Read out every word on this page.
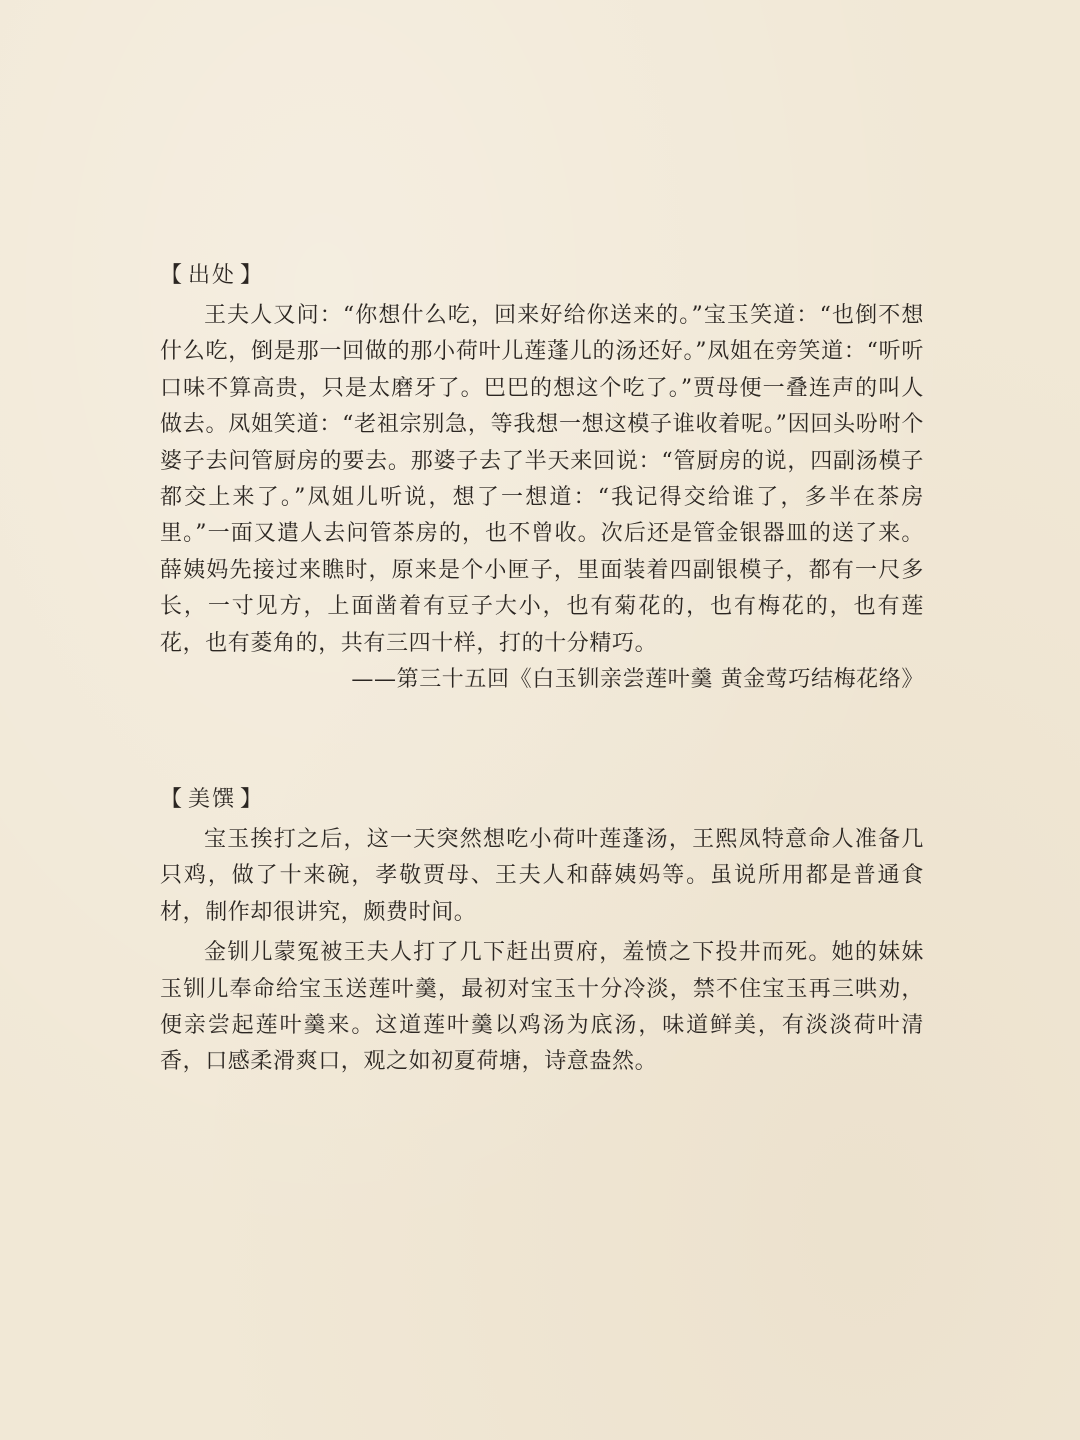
【 出处 】

王夫人又问：“你想什么吃，回来好给你送来的。”宝玉笑道：“也倒不想什么吃，倒是那一回做的那小荷叶儿莲蓬儿的汤还好。”凤姐在旁笑道：“听听口味不算高贵，只是太磨牙了。巴巴的想这个吃了。”贾母便一叠连声的叫人做去。凤姐笑道：“老祖宗别急，等我想一想这模子谁收着呢。”因回头吩咐个婆子去问管厨房的要去。那婆子去了半天来回说：“管厨房的说，四副汤模子都交上来了。”凤姐儿听说，想了一想道：“我记得交给谁了，多半在茶房里。”一面又遣人去问管茶房的，也不曾收。次后还是管金银器皿的送了来。薛姨妈先接过来瞧时，原来是个小匣子，里面装着四副银模子，都有一尺多长，一寸见方，上面凿着有豆子大小，也有菊花的，也有梅花的，也有莲花，也有菱角的，共有三四十样，打的十分精巧。

——第三十五回《白玉钏亲尝莲叶羹 黄金莺巧结梅花络》

【 美馔 】

宝玉挨打之后，这一天突然想吃小荷叶莲蓬汤，王熙凤特意命人准备几只鸡，做了十来碗，孝敬贾母、王夫人和薛姨妈等。虽说所用都是普通食材，制作却很讲究，颇费时间。

金钏儿蒙冤被王夫人打了几下赶出贾府，羞愤之下投井而死。她的妹妹玉钏儿奉命给宝玉送莲叶羹，最初对宝玉十分冷淡，禁不住宝玉再三哄劝，便亲尝起莲叶羹来。这道莲叶羹以鸡汤为底汤，味道鲜美，有淡淡荷叶清香，口感柔滑爽口，观之如初夏荷塘，诗意盎然。
